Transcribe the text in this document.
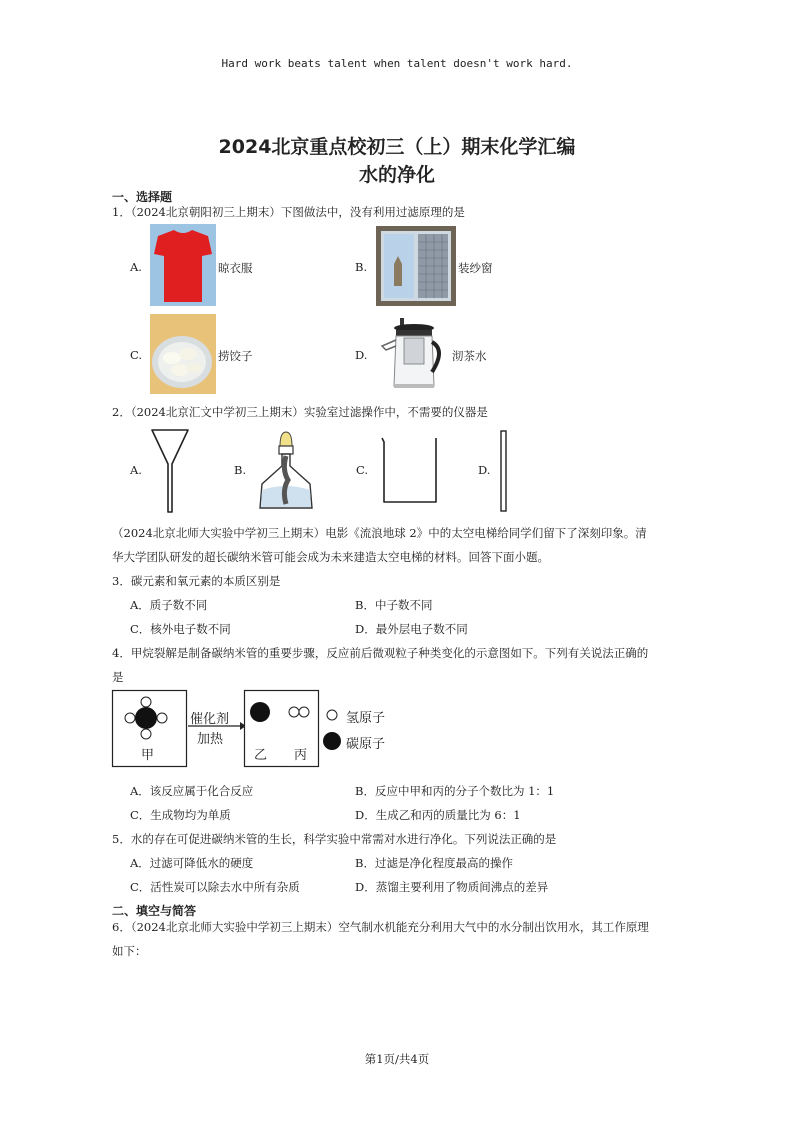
Hard work beats talent when talent doesn't work hard.
2024北京重点校初三（上）期末化学汇编
水的净化
一、选择题
1．（2024北京朝阳初三上期末）下图做法中，没有利用过滤原理的是
A.	晾衣服	B.	装纱窗
C.	捞饺子	D.	沏茶水
2．（2024北京汇文中学初三上期末）实验室过滤操作中，不需要的仪器是
A.	B.	C.	D.
（2024北京北师大实验中学初三上期末）电影《流浪地球 2》中的太空电梯给同学们留下了深刻印象。清
华大学团队研发的超长碳纳米管可能会成为未来建造太空电梯的材料。回答下面小题。
3．碳元素和氧元素的本质区别是
A．质子数不同	B．中子数不同
C．核外电子数不同	D．最外层电子数不同
4．甲烷裂解是制备碳纳米管的重要步骤，反应前后微观粒子种类变化的示意图如下。下列有关说法正确的
是
甲
催化剂
加热
乙 丙
氢原子
碳原子
A．该反应属于化合反应	B．反应中甲和丙的分子个数比为 1：1
C．生成物均为单质	D．生成乙和丙的质量比为 6：1
5．水的存在可促进碳纳米管的生长，科学实验中常需对水进行净化。下列说法正确的是
A．过滤可降低水的硬度	B．过滤是净化程度最高的操作
C．活性炭可以除去水中所有杂质	D．蒸馏主要利用了物质间沸点的差异
二、填空与简答
6．（2024北京北师大实验中学初三上期末）空气制水机能充分利用大气中的水分制出饮用水，其工作原理
如下：
第1页/共4页
